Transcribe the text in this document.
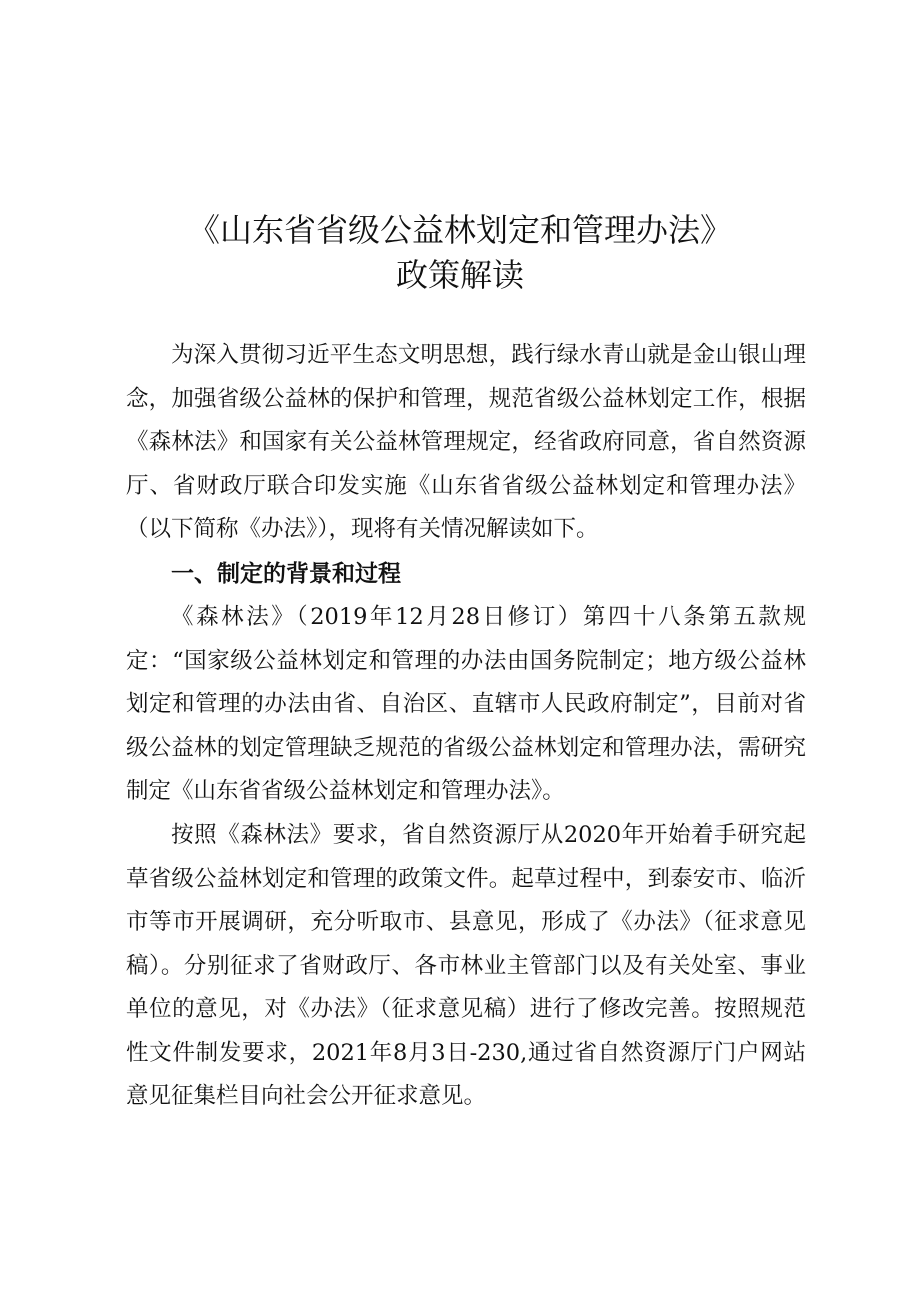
《山东省省级公益林划定和管理办法》
政策解读

为深入贯彻习近平生态文明思想，践行绿水青山就是金山银山理念，加强省级公益林的保护和管理，规范省级公益林划定工作，根据《森林法》和国家有关公益林管理规定，经省政府同意，省自然资源厅、省财政厅联合印发实施《山东省省级公益林划定和管理办法》（以下简称《办法》），现将有关情况解读如下。

一、制定的背景和过程

《森林法》（2019年12月28日修订）第四十八条第五款规定：“国家级公益林划定和管理的办法由国务院制定；地方级公益林划定和管理的办法由省、自治区、直辖市人民政府制定”，目前对省级公益林的划定管理缺乏规范的省级公益林划定和管理办法，需研究制定《山东省省级公益林划定和管理办法》。

按照《森林法》要求，省自然资源厅从2020年开始着手研究起草省级公益林划定和管理的政策文件。起草过程中，到泰安市、临沂市等市开展调研，充分听取市、县意见，形成了《办法》（征求意见稿）。分别征求了省财政厅、各市林业主管部门以及有关处室、事业单位的意见，对《办法》（征求意见稿）进行了修改完善。按照规范性文件制发要求，2021年8月3日-230,通过省自然资源厅门户网站意见征集栏目向社会公开征求意见。
